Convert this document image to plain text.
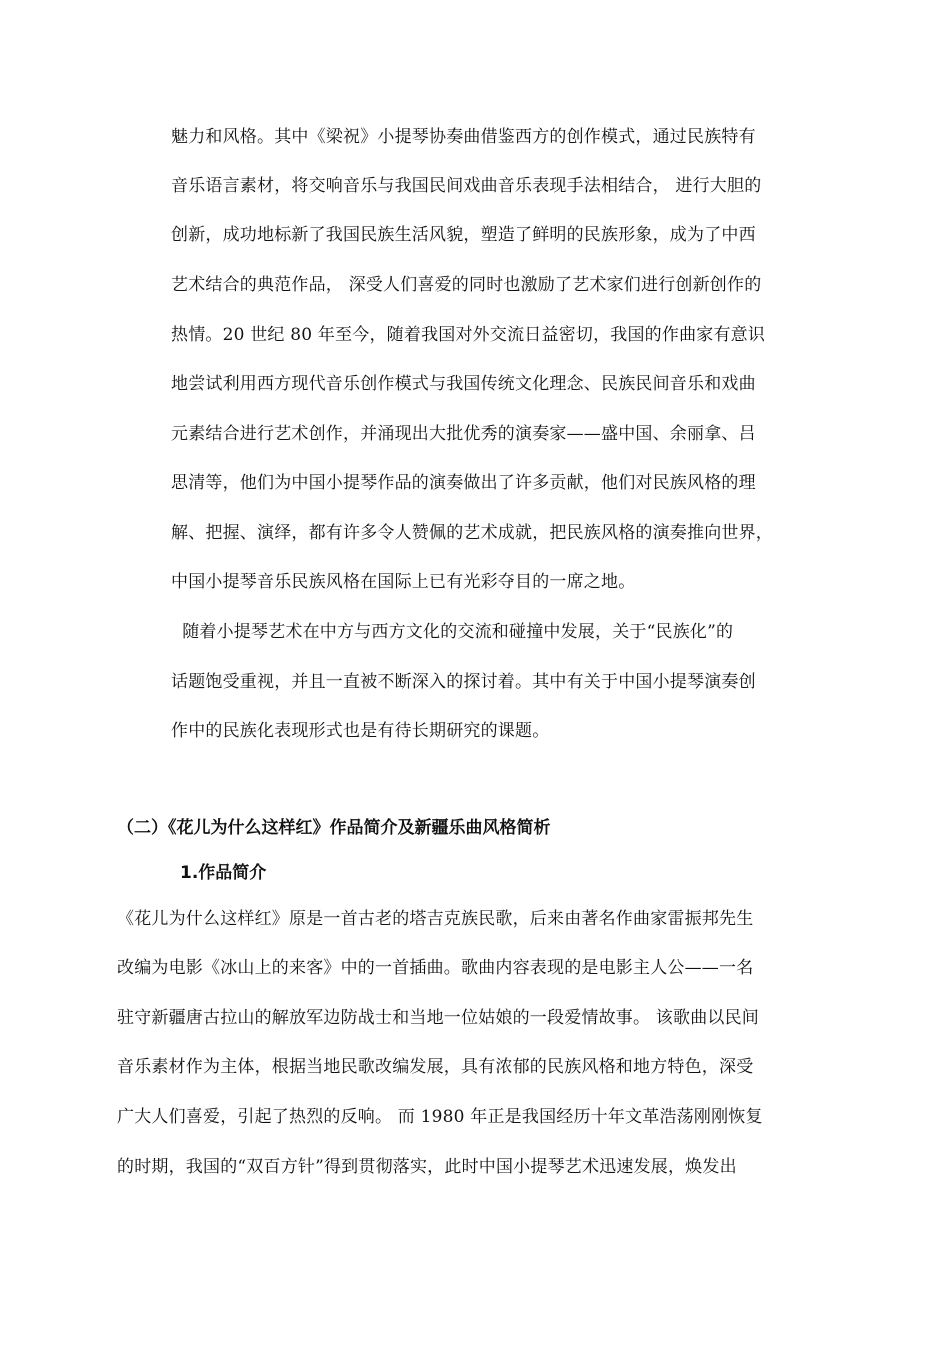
魅力和风格。其中《梁祝》小提琴协奏曲借鉴西方的创作模式，通过民族特有
音乐语言素材，将交响音乐与我国民间戏曲音乐表现手法相结合， 进行大胆的
创新，成功地标新了我国民族生活风貌，塑造了鲜明的民族形象，成为了中西
艺术结合的典范作品， 深受人们喜爱的同时也激励了艺术家们进行创新创作的
热情。20 世纪 80 年至今，随着我国对外交流日益密切，我国的作曲家有意识
地尝试利用西方现代音乐创作模式与我国传统文化理念、民族民间音乐和戏曲
元素结合进行艺术创作，并涌现出大批优秀的演奏家——盛中国、余丽拿、吕
思清等，他们为中国小提琴作品的演奏做出了许多贡献，他们对民族风格的理
解、把握、演绎，都有许多令人赞佩的艺术成就，把民族风格的演奏推向世界，
中国小提琴音乐民族风格在国际上已有光彩夺目的一席之地。
随着小提琴艺术在中方与西方文化的交流和碰撞中发展，关于“民族化”的
话题饱受重视，并且一直被不断深入的探讨着。其中有关于中国小提琴演奏创
作中的民族化表现形式也是有待长期研究的课题。
（二）《花儿为什么这样红》作品简介及新疆乐曲风格简析
1.作品简介
《花儿为什么这样红》原是一首古老的塔吉克族民歌，后来由著名作曲家雷振邦先生
改编为电影《冰山上的来客》中的一首插曲。歌曲内容表现的是电影主人公——一名
驻守新疆唐古拉山的解放军边防战士和当地一位姑娘的一段爱情故事。 该歌曲以民间
音乐素材作为主体，根据当地民歌改编发展，具有浓郁的民族风格和地方特色，深受
广大人们喜爱，引起了热烈的反响。 而 1980 年正是我国经历十年文革浩荡刚刚恢复
的时期，我国的“双百方针”得到贯彻落实，此时中国小提琴艺术迅速发展，焕发出
